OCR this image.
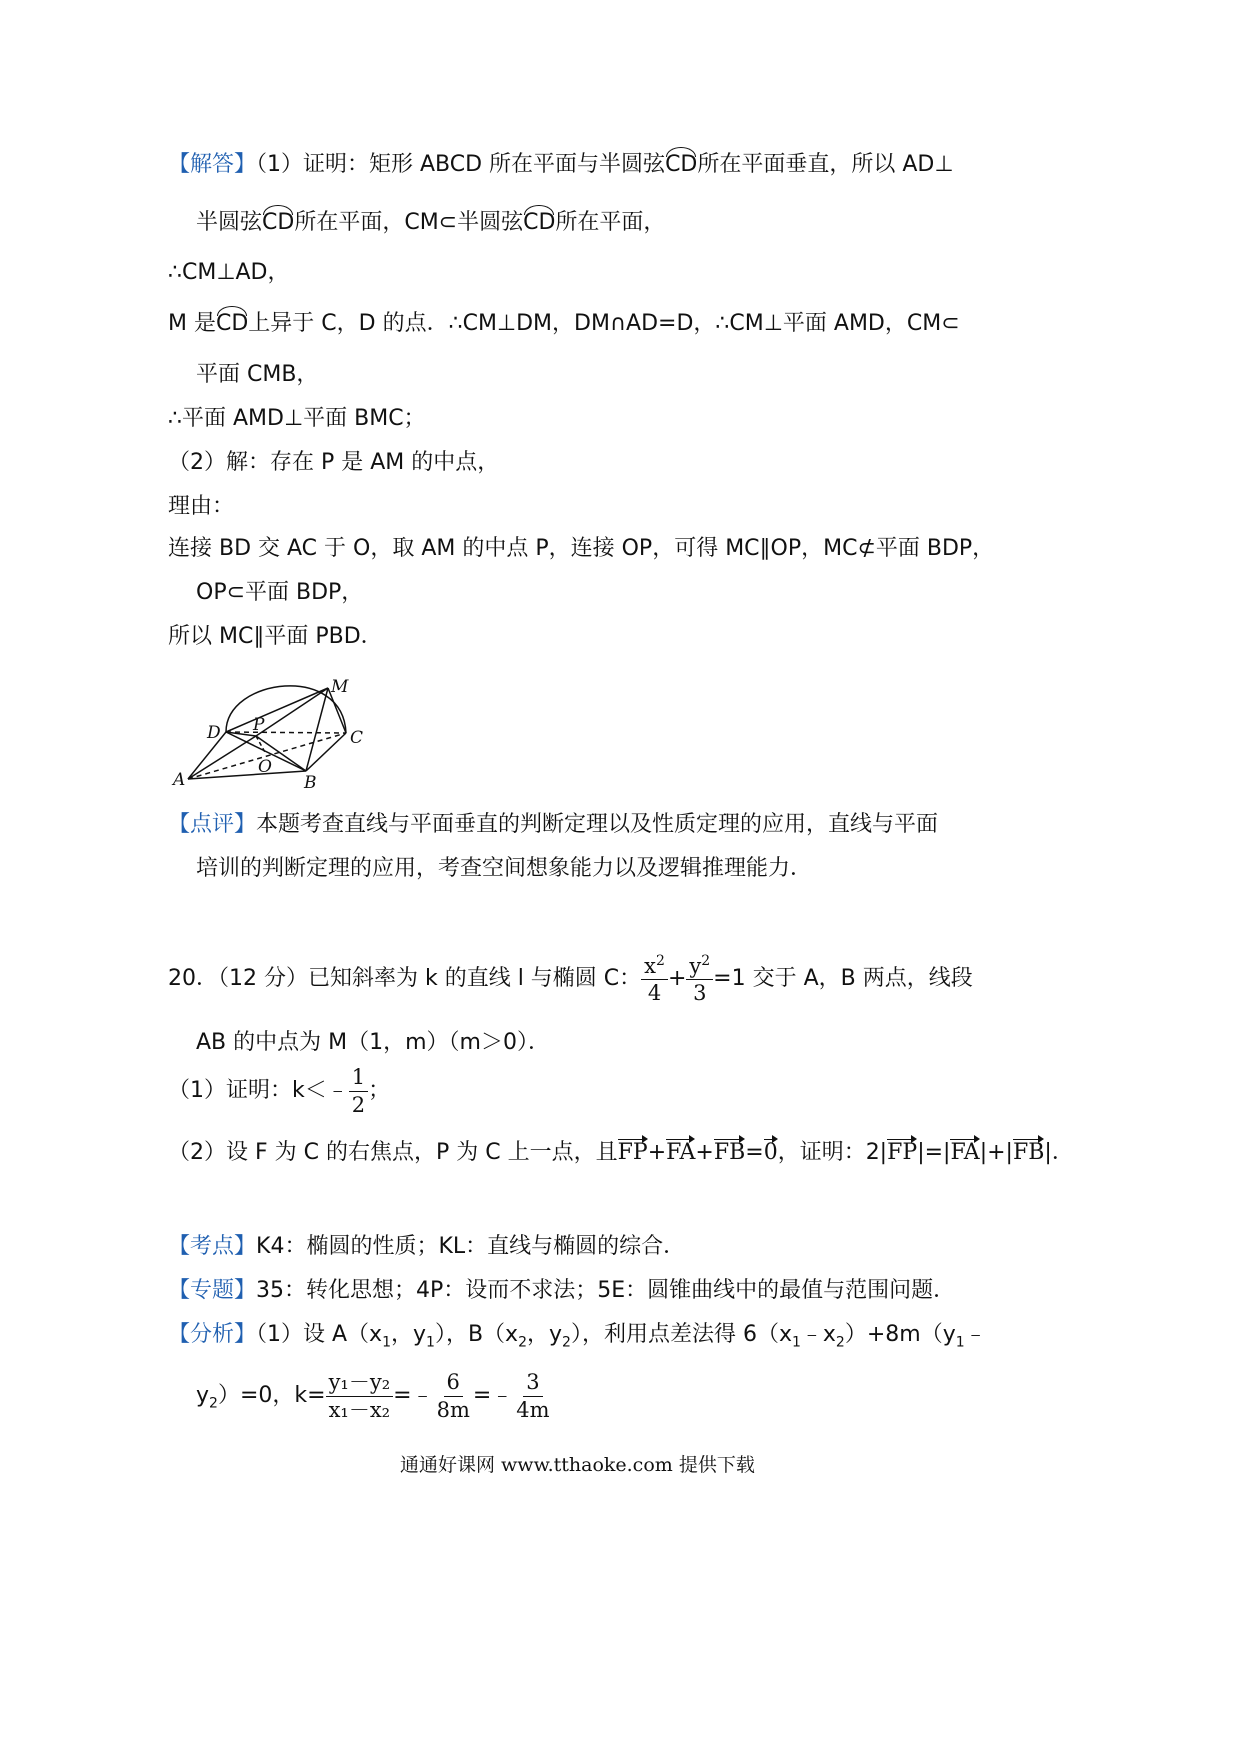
【解答】（1）证明：矩形 ABCD 所在平面与半圆弦CD所在平面垂直，所以 AD⊥
半圆弦CD所在平面，CM⊂半圆弦CD所在平面，
∴CM⊥AD，
M 是CD上异于 C，D 的点．∴CM⊥DM，DM∩AD=D，∴CM⊥平面 AMD，CM⊂
平面 CMB，
∴平面 AMD⊥平面 BMC；
（2）解：存在 P 是 AM 的中点，
理由：
连接 BD 交 AC 于 O，取 AM 的中点 P，连接 OP，可得 MC∥OP，MC⊄平面 BDP，
OP⊂平面 BDP，
所以 MC∥平面 PBD．
M
D P
C
O
A	B
【点评】本题考查直线与平面垂直的判断定理以及性质定理的应用，直线与平面
培训的判断定理的应用，考查空间想象能力以及逻辑推理能力．
20．（12 分）已知斜率为 k 的直线 l 与椭圆 C： $\frac{x^2}{4} + \frac{y^2}{3} =1$ 交于 A，B 两点，线段
AB 的中点为 M（1，m）（m＞0）．
（1）证明：k＜﹣ $\frac{1}{2}$ ；
（2）设 F 为 C 的右焦点，P 为 C 上一点，且FP+FA+FB=0，证明：2|FP|=|FA|+|FB|．
【考点】K4：椭圆的性质；KL：直线与椭圆的综合．
【专题】35：转化思想；4P：设而不求法；5E：圆锥曲线中的最值与范围问题．
【分析】（1）设 $A(x_1$，$y_1$），$B(x_2$，$y_2$），利用点差法得 $6(x_1﹣x_2)+8m(y_1﹣$
$y_2)=0$，$k= \frac{\text{y₁－y₂}}{\text{x₁－x₂}}$ =﹣ $\frac{6}{8m}$ =﹣ $\frac{3}{4m}$
通通好课网 www.tthaoke.com 提供下载
